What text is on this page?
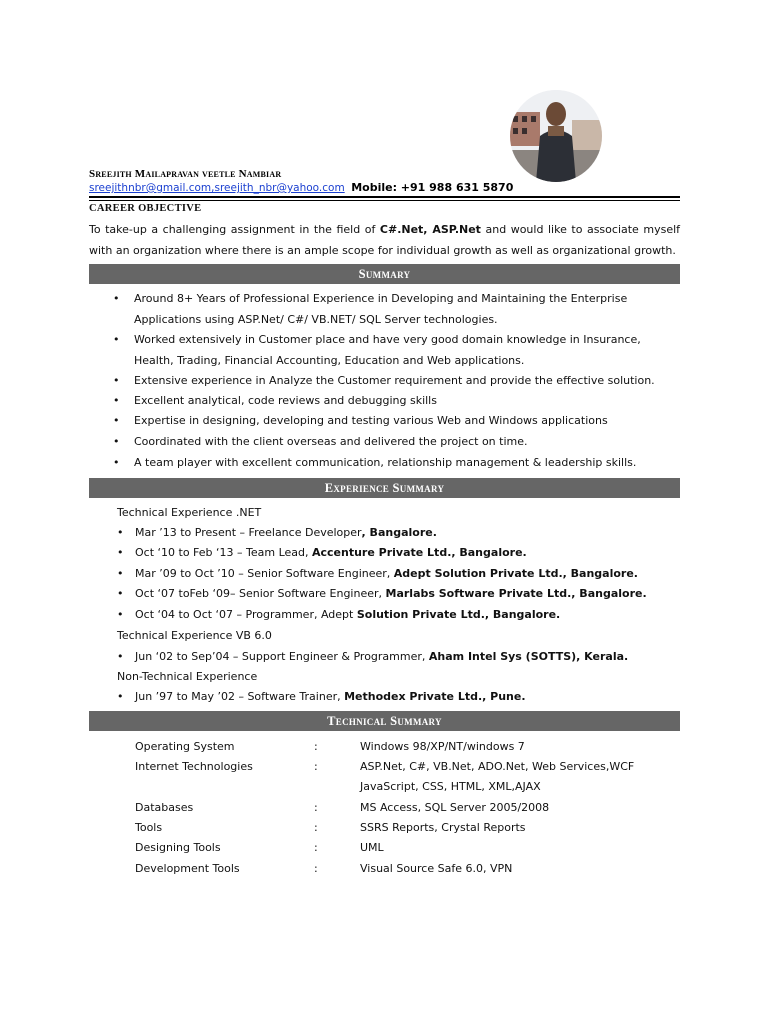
Sreejith Mailapravan veetle Nambiar
sreejithnbr@gmail.com,sreejith_nbr@yahoo.com Mobile: +91 988 631 5870
CAREER OBJECTIVE

To take-up a challenging assignment in the field of C#.Net, ASP.Net and would like to associate myself with an organization where there is an ample scope for individual growth as well as organizational growth.

Summary

• Around 8+ Years of Professional Experience in Developing and Maintaining the Enterprise Applications using ASP.Net/ C#/ VB.NET/ SQL Server technologies.

• Worked extensively in Customer place and have very good domain knowledge in Insurance, Health, Trading, Financial Accounting, Education and Web applications.

• Extensive experience in Analyze the Customer requirement and provide the effective solution.

• Excellent analytical, code reviews and debugging skills

• Expertise in designing, developing and testing various Web and Windows applications

• Coordinated with the client overseas and delivered the project on time.

• A team player with excellent communication, relationship management & leadership skills.

Experience Summary
Technical Experience .NET
• Mar ’13 to Present – Freelance Developer, Bangalore.
• Oct ‘10 to Feb ‘13 – Team Lead, Accenture Private Ltd., Bangalore.
• Mar ’09 to Oct ’10 – Senior Software Engineer, Adept Solution Private Ltd., Bangalore.
• Oct ‘07 toFeb ‘09– Senior Software Engineer, Marlabs Software Private Ltd., Bangalore.
• Oct ‘04 to Oct ‘07 – Programmer, Adept Solution Private Ltd., Bangalore.
Technical Experience VB 6.0
• Jun ‘02 to Sep’04 – Support Engineer & Programmer, Aham Intel Sys (SOTTS), Kerala.
Non-Technical Experience
• Jun ’97 to May ’02 – Software Trainer, Methodex Private Ltd., Pune.
Technical Summary
Operating System	:	Windows 98/XP/NT/windows 7
Internet Technologies	:	ASP.Net, C#, VB.Net, ADO.Net, Web Services,WCF
JavaScript, CSS, HTML, XML,AJAX
Databases	:	MS Access, SQL Server 2005/2008
Tools	:	SSRS Reports, Crystal Reports
Designing Tools	:	UML
Development Tools	:	Visual Source Safe 6.0, VPN
